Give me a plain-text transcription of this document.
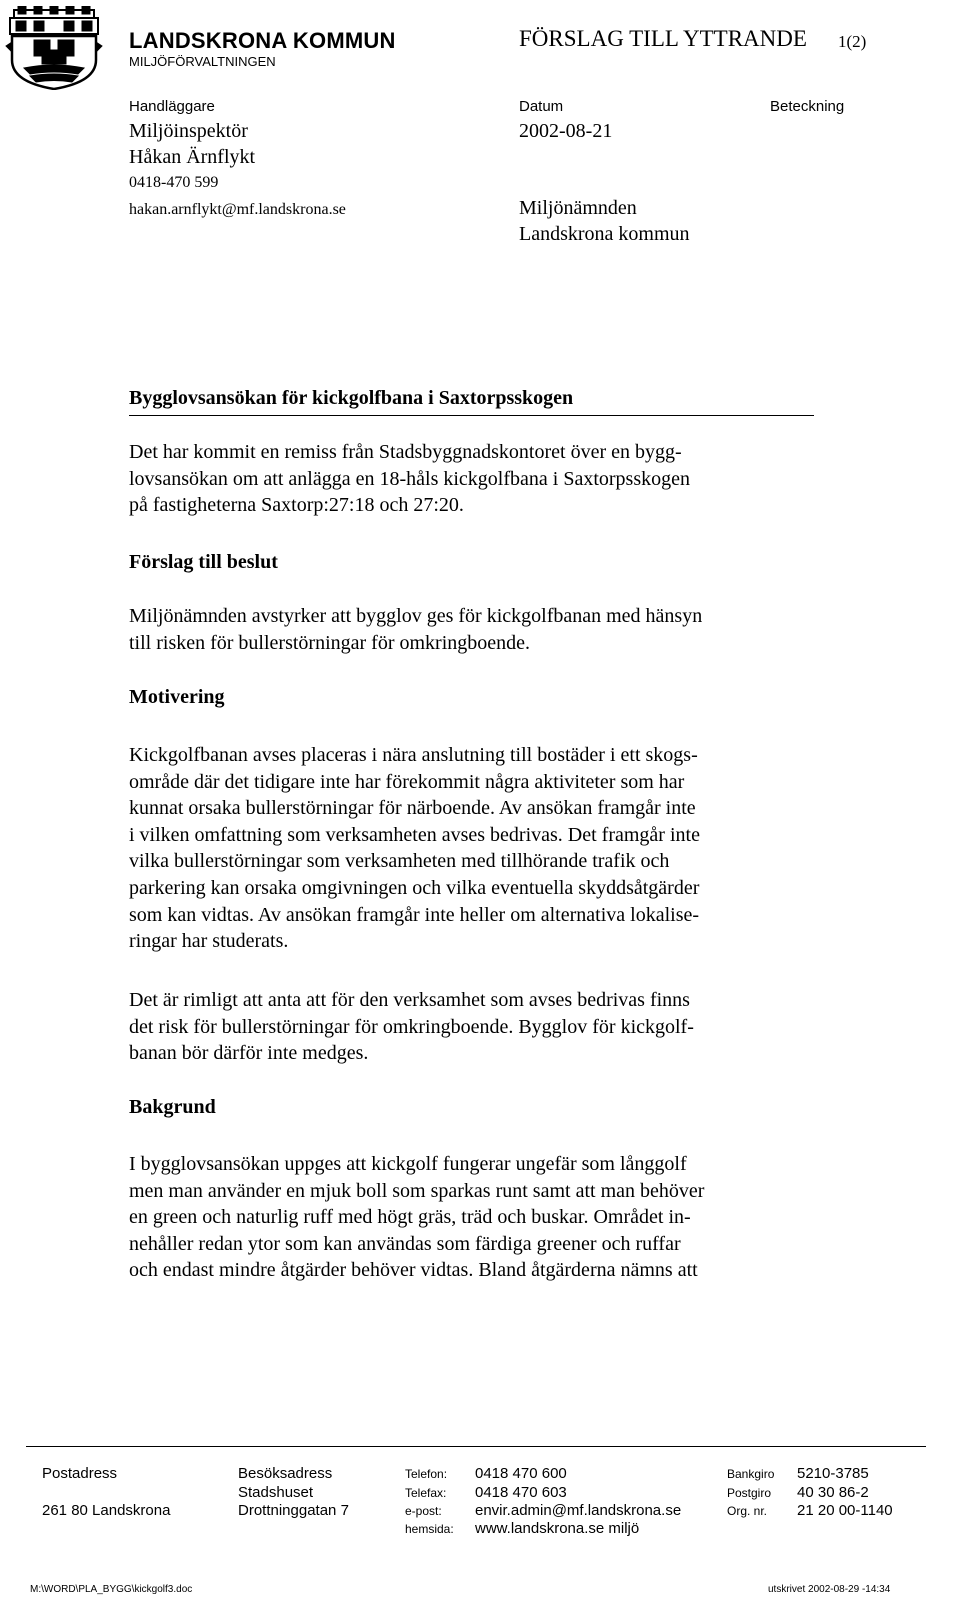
LANDSKRONA KOMMUN
MILJÖFÖRVALTNINGEN
FÖRSLAG TILL YTTRANDE 1(2)
Handläggare	Datum	Beteckning
Miljöinspektör	2002-08-21
Håkan Ärnflykt
0418-470 599
hakan.arnflykt@mf.landskrona.se	Miljönämnden
Landskrona kommun
Bygglovsansökan för kickgolfbana i Saxtorpsskogen
Det har kommit en remiss från Stadsbyggnadskontoret över en bygg-
lovsansökan om att anlägga en 18-håls kickgolfbana i Saxtorpsskogen
på fastigheterna Saxtorp:27:18 och 27:20.
Förslag till beslut
Miljönämnden avstyrker att bygglov ges för kickgolfbanan med hänsyn
till risken för bullerstörningar för omkringboende.
Motivering
Kickgolfbanan avses placeras i nära anslutning till bostäder i ett skogs-
område där det tidigare inte har förekommit några aktiviteter som har
kunnat orsaka bullerstörningar för närboende. Av ansökan framgår inte
i vilken omfattning som verksamheten avses bedrivas. Det framgår inte
vilka bullerstörningar som verksamheten med tillhörande trafik och
parkering kan orsaka omgivningen och vilka eventuella skyddsåtgärder
som kan vidtas. Av ansökan framgår inte heller om alternativa lokalise-
ringar har studerats.
Det är rimligt att anta att för den verksamhet som avses bedrivas finns
det risk för bullerstörningar för omkringboende. Bygglov för kickgolf-
banan bör därför inte medges.
Bakgrund
I bygglovsansökan uppges att kickgolf fungerar ungefär som långgolf
men man använder en mjuk boll som sparkas runt samt att man behöver
en green och naturlig ruff med högt gräs, träd och buskar. Området in-
nehåller redan ytor som kan användas som färdiga greener och ruffar
och endast mindre åtgärder behöver vidtas. Bland åtgärderna nämns att
Postadress
261 80 Landskrona
Besöksadress
Stadshuset
Drottninggatan 7
Telefon: 0418 470 600
Telefax: 0418 470 603
e-post: envir.admin@mf.landskrona.se
hemsida: www.landskrona.se miljö
Bankgiro 5210-3785
Postgiro 40 30 86-2
Org. nr. 21 20 00-1140
M:\WORD\PLA_BYGG\kickgolf3.doc	utskrivet 2002-08-29 -14:34
